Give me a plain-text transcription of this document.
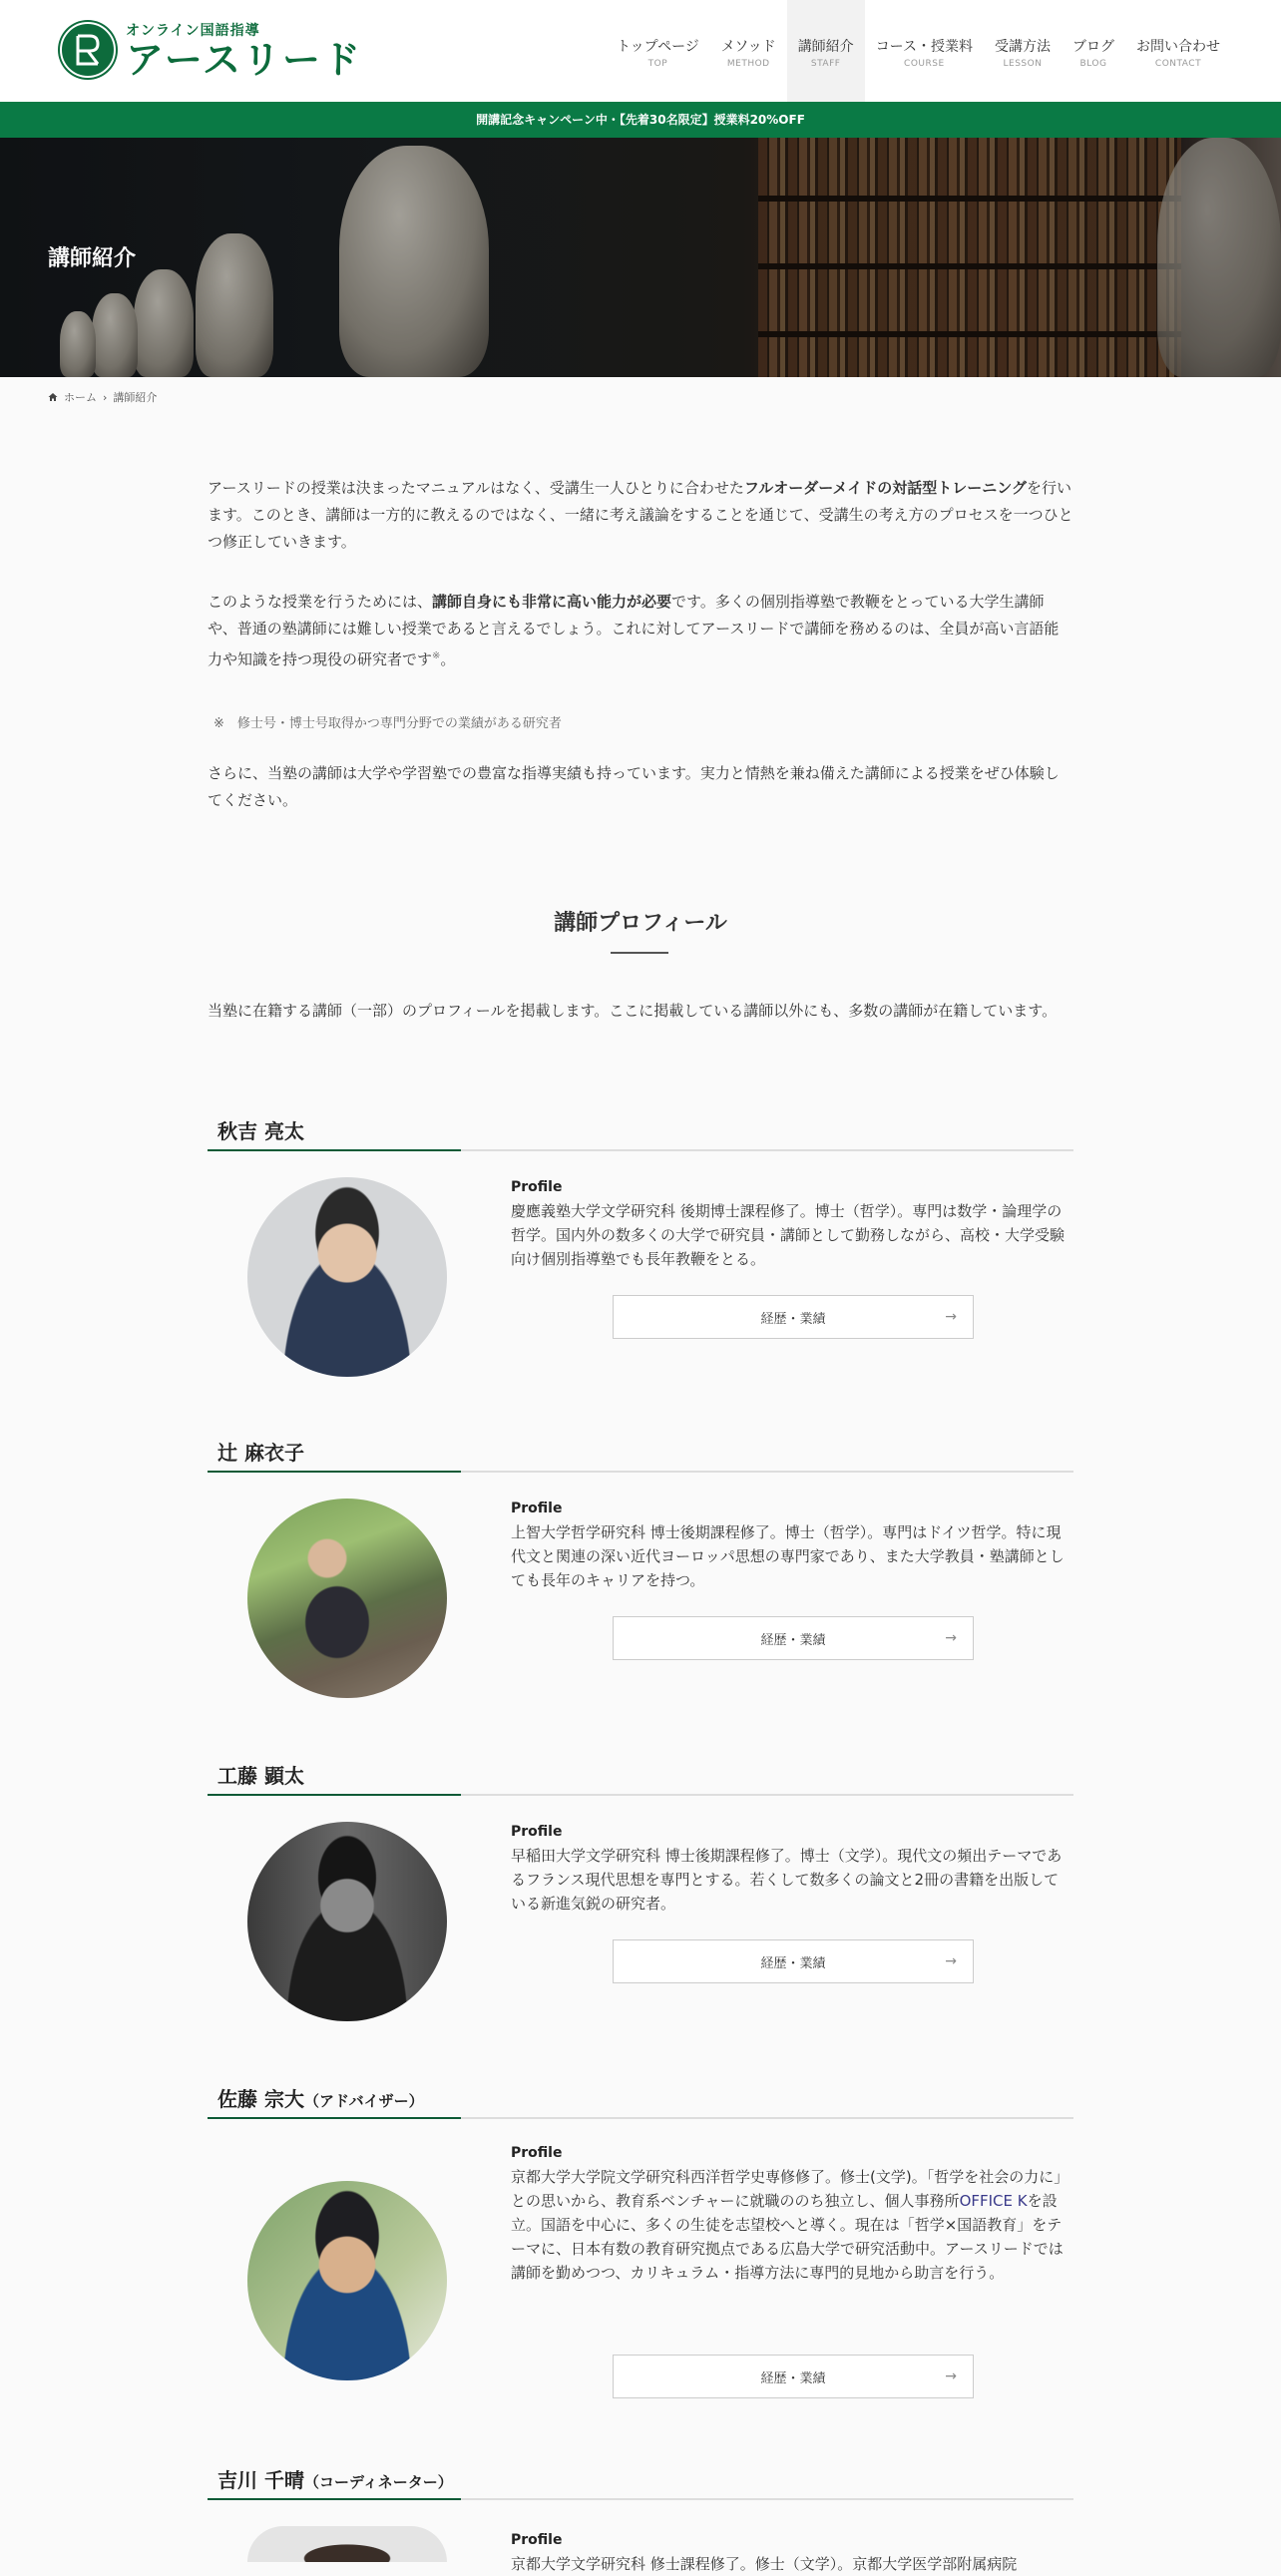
オンライン国語指導
アースリード	トップページ
TOP
メソッド
METHOD
講師紹介
STAFF
コース・授業料
COURSE
受講方法
LESSON
ブログ
BLOG
お問い合わせ
CONTACT
開講記念キャンペーン中・【先着30名限定】授業料20%OFF
講師紹介
ホーム › 講師紹介
アースリードの授業は決まったマニュアルはなく、受講生一人ひとりに合わせたフルオーダーメイドの対話型トレーニングを行います。このとき、講師は一方的に教えるのではなく、一緒に考え議論をすることを通じて、受講生の考え方のプロセスを一つひとつ修正していきます。
このような授業を行うためには、講師自身にも非常に高い能力が必要です。多くの個別指導塾で教鞭をとっている大学生講師や、普通の塾講師には難しい授業であると言えるでしょう。これに対してアースリードで講師を務めるのは、全員が高い言語能力や知識を持つ現役の研究者です※。
※　修士号・博士号取得かつ専門分野での業績がある研究者
さらに、当塾の講師は大学や学習塾での豊富な指導実績も持っています。実力と情熱を兼ね備えた講師による授業をぜひ体験してください。
講師プロフィール
当塾に在籍する講師（一部）のプロフィールを掲載します。ここに掲載している講師以外にも、多数の講師が在籍しています。
秋吉 亮太
Profile
慶應義塾大学文学研究科 後期博士課程修了。博士（哲学）。専門は数学・論理学の哲学。国内外の数多くの大学で研究員・講師として勤務しながら、高校・大学受験向け個別指導塾でも長年教鞭をとる。
経歴・業績	→
辻 麻衣子
Profile
上智大学哲学研究科 博士後期課程修了。博士（哲学）。専門はドイツ哲学。特に現代文と関連の深い近代ヨーロッパ思想の専門家であり、また大学教員・塾講師としても長年のキャリアを持つ。
経歴・業績	→
工藤 顕太
Profile
早稲田大学文学研究科 博士後期課程修了。博士（文学）。現代文の頻出テーマであるフランス現代思想を専門とする。若くして数多くの論文と2冊の書籍を出版している新進気鋭の研究者。
経歴・業績	→
佐藤 宗大（アドバイザー）
Profile
京都大学大学院文学研究科西洋哲学史専修修了。修士(文学)。「哲学を社会の力に」との思いから、教育系ベンチャーに就職ののち独立し、個人事務所OFFICE Kを設立。国語を中心に、多くの生徒を志望校へと導く。現在は「哲学×国語教育」をテーマに、日本有数の教育研究拠点である広島大学で研究活動中。アースリードでは講師を勤めつつ、カリキュラム・指導方法に専門的見地から助言を行う。
経歴・業績	→
吉川 千晴（コーディネーター）
Profile
京都大学文学研究科 修士課程修了。修士（文学）。京都大学医学部附属病院
